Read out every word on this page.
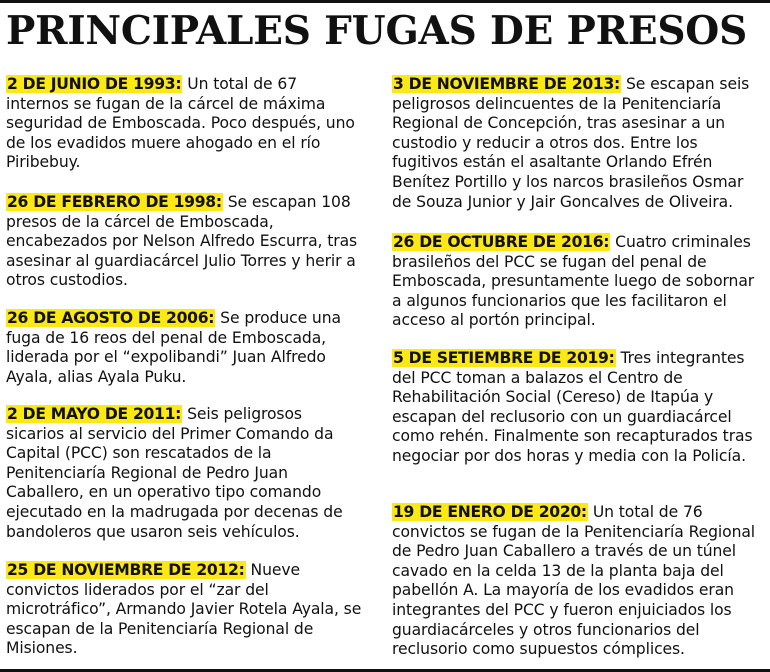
PRINCIPALES FUGAS DE PRESOS

2 DE JUNIO DE 1993: Un total de 67 internos se fugan de la cárcel de máxima seguridad de Emboscada. Poco después, uno de los evadidos muere ahogado en el río Piribebuy.

26 DE FEBRERO DE 1998: Se escapan 108 presos de la cárcel de Emboscada, encabezados por Nelson Alfredo Escurra, tras asesinar al guardiacárcel Julio Torres y herir a otros custodios.

26 DE AGOSTO DE 2006: Se produce una fuga de 16 reos del penal de Emboscada, liderada por el “expolibandi” Juan Alfredo Ayala, alias Ayala Puku.

2 DE MAYO DE 2011: Seis peligrosos sicarios al servicio del Primer Comando da Capital (PCC) son rescatados de la Penitenciaría Regional de Pedro Juan Caballero, en un operativo tipo comando ejecutado en la madrugada por decenas de bandoleros que usaron seis vehículos.

25 DE NOVIEMBRE DE 2012: Nueve convictos liderados por el “zar del microtráfico”, Armando Javier Rotela Ayala, se escapan de la Penitenciaría Regional de Misiones.

3 DE NOVIEMBRE DE 2013: Se escapan seis peligrosos delincuentes de la Penitenciaría Regional de Concepción, tras asesinar a un custodio y reducir a otros dos. Entre los fugitivos están el asaltante Orlando Efrén Benítez Portillo y los narcos brasileños Osmar de Souza Junior y Jair Goncalves de Oliveira.

26 DE OCTUBRE DE 2016: Cuatro criminales brasileños del PCC se fugan del penal de Emboscada, presuntamente luego de sobornar a algunos funcionarios que les facilitaron el acceso al portón principal.

5 DE SETIEMBRE DE 2019: Tres integrantes del PCC toman a balazos el Centro de Rehabilitación Social (Cereso) de Itapúa y escapan del reclusorio con un guardiacárcel como rehén. Finalmente son recapturados tras negociar por dos horas y media con la Policía.

19 DE ENERO DE 2020: Un total de 76 convictos se fugan de la Penitenciaría Regional de Pedro Juan Caballero a través de un túnel cavado en la celda 13 de la planta baja del pabellón A. La mayoría de los evadidos eran integrantes del PCC y fueron enjuiciados los guardiacárceles y otros funcionarios del reclusorio como supuestos cómplices.
